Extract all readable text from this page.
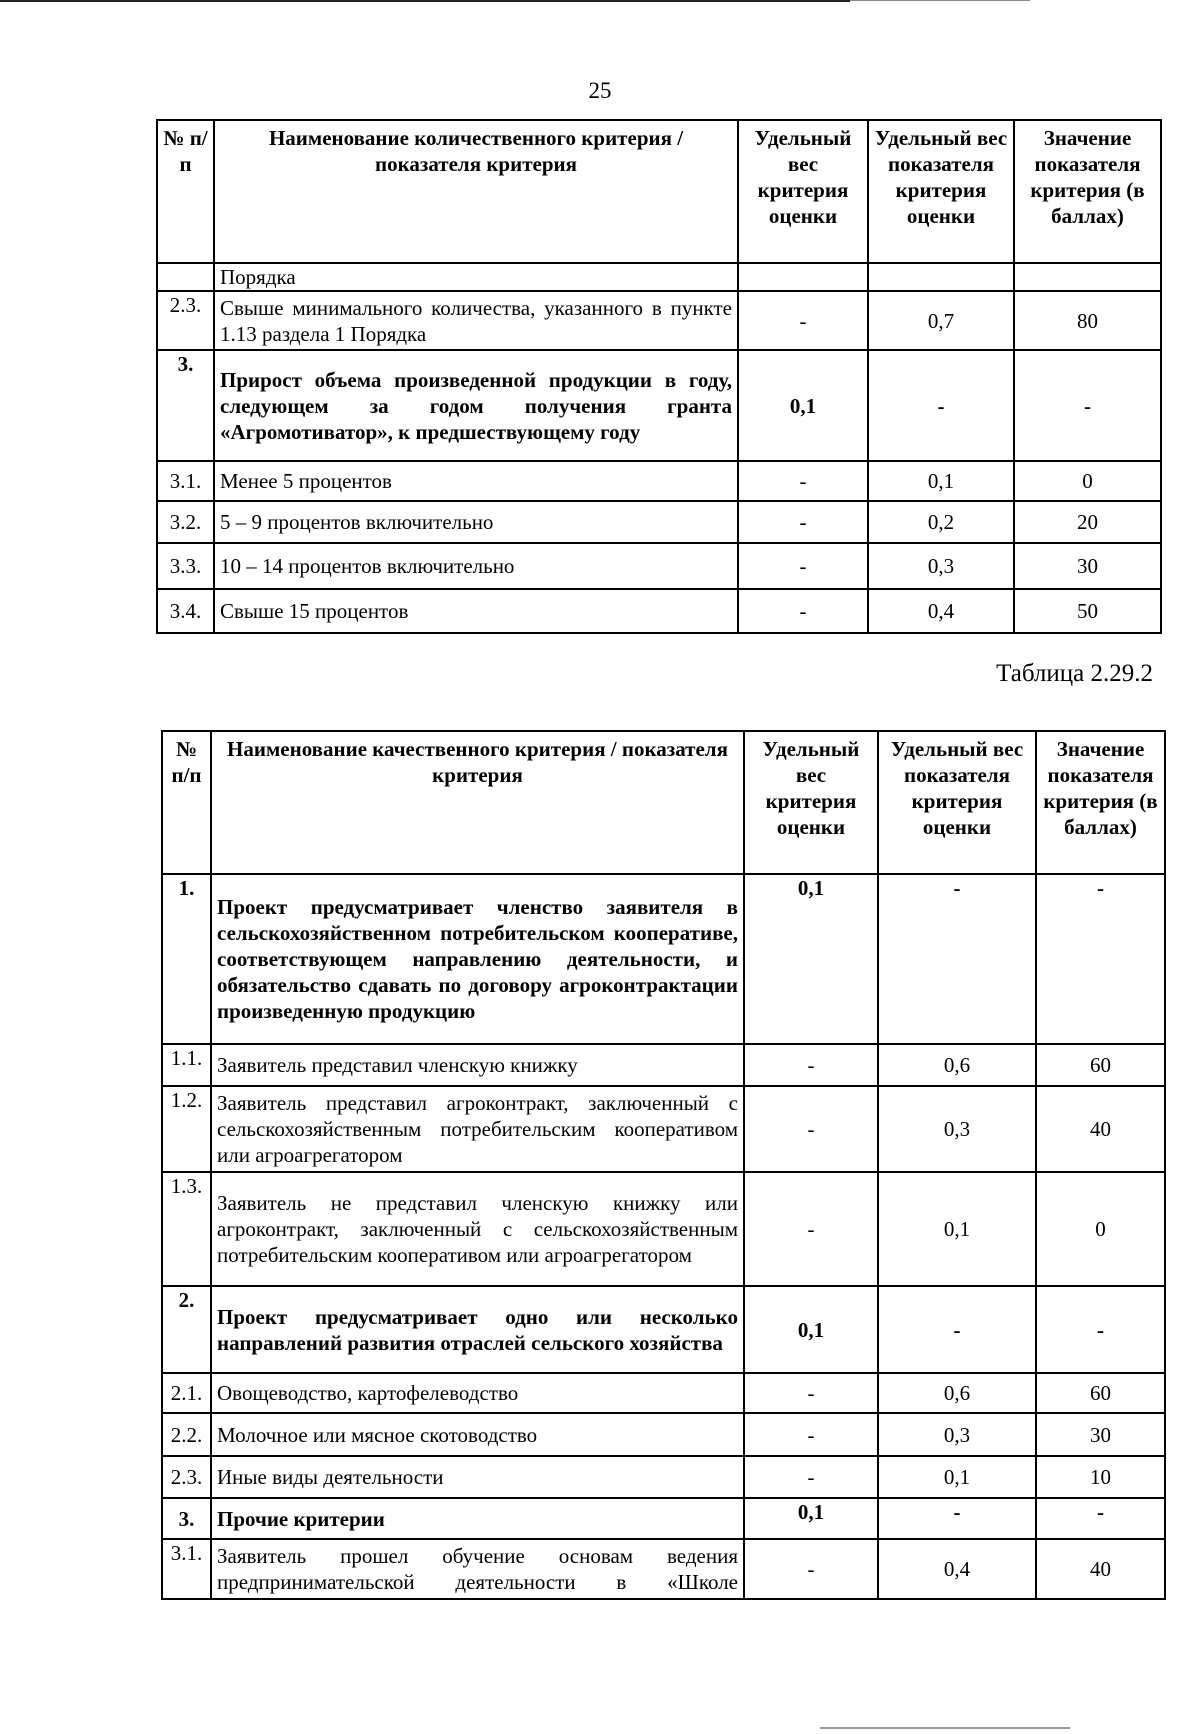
25
№ п/п	Наименование количественного критерия / показателя критерия	Удельный вес критерия оценки	Удельный вес показателя критерия оценки	Значение показателя критерия (в баллах)
	Порядка			
2.3.	Свыше минимального количества, указанного в пункте 1.13 раздела 1 Порядка	-	0,7	80
3.	Прирост объема произведенной продукции в году, следующем за годом получения гранта «Агромотиватор», к предшествующему году	0,1	-	-
3.1.	Менее 5 процентов	-	0,1	0
3.2.	5 – 9 процентов включительно	-	0,2	20
3.3.	10 – 14 процентов включительно	-	0,3	30
3.4.	Свыше 15 процентов	-	0,4	50
Таблица 2.29.2
№ п/п	Наименование качественного критерия / показателя критерия	Удельный вес критерия оценки	Удельный вес показателя критерия оценки	Значение показателя критерия (в баллах)
1.	Проект предусматривает членство заявителя в сельскохозяйственном потребительском кооперативе, соответствующем направлению деятельности, и обязательство сдавать по договору агроконтрактации произведенную продукцию	0,1	-	-
1.1.	Заявитель представил членскую книжку	-	0,6	60
1.2.	Заявитель представил агроконтракт, заключенный с сельскохозяйственным потребительским кооперативом или агроагрегатором	-	0,3	40
1.3.	Заявитель не представил членскую книжку или агроконтракт, заключенный с сельскохозяйственным потребительским кооперативом или агроагрегатором	-	0,1	0
2.	Проект предусматривает одно или несколько направлений развития отраслей сельского хозяйства	0,1	-	-
2.1.	Овощеводство, картофелеводство	-	0,6	60
2.2.	Молочное или мясное скотоводство	-	0,3	30
2.3.	Иные виды деятельности	-	0,1	10
3.	Прочие критерии	0,1	-	-
3.1.	Заявитель прошел обучение основам ведения предпринимательской деятельности в «Школе	-	0,4	40
